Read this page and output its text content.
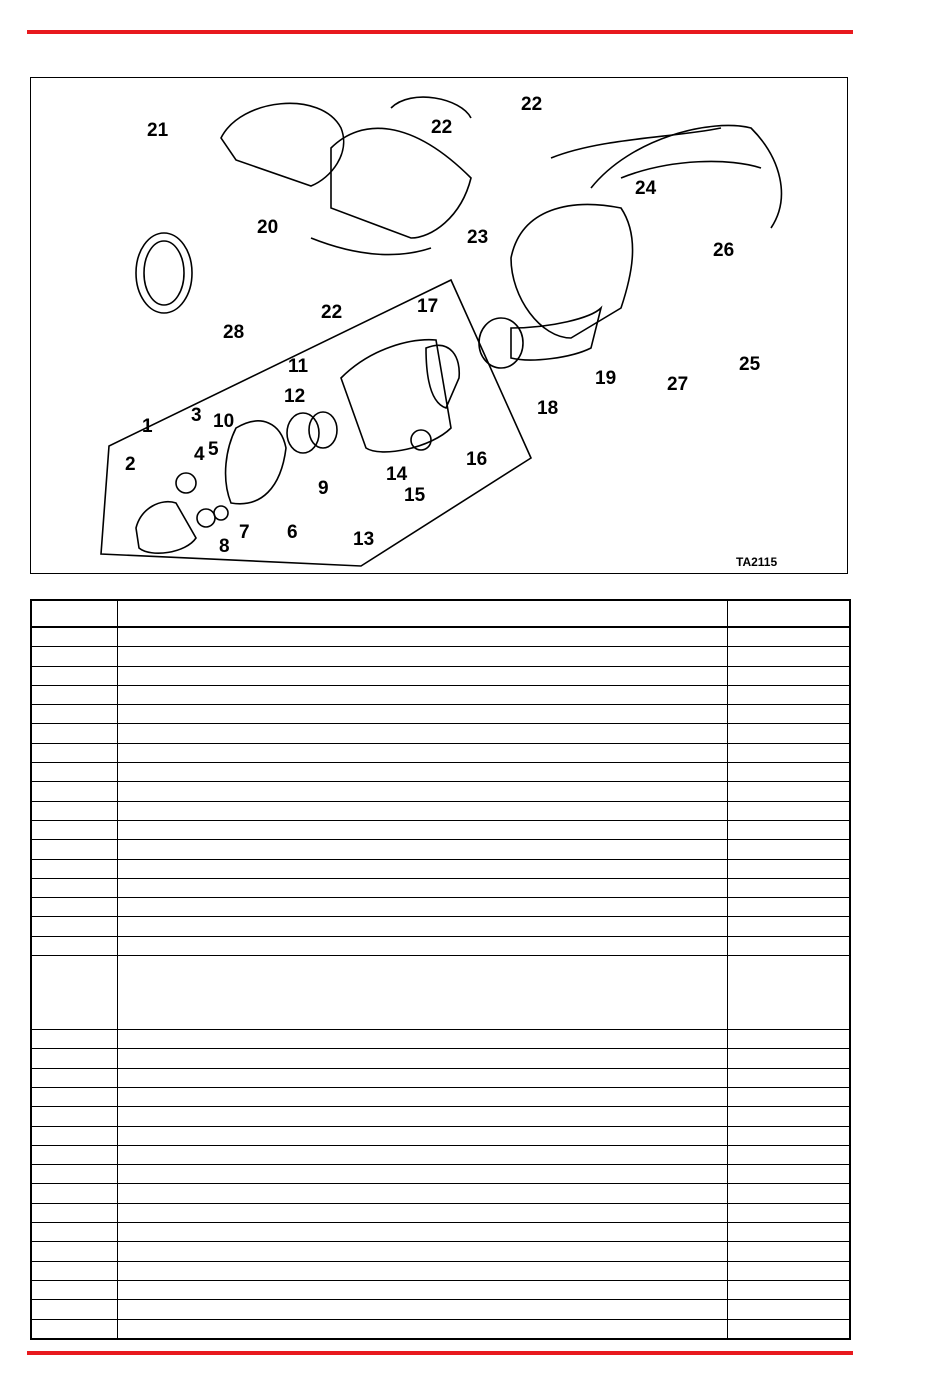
21
22
22
20
22
23
24
26
25
27
19
18
28
17
11
12
10
3
1
4 5	16
2
9
14
15
7 6
8	13
TA2115
